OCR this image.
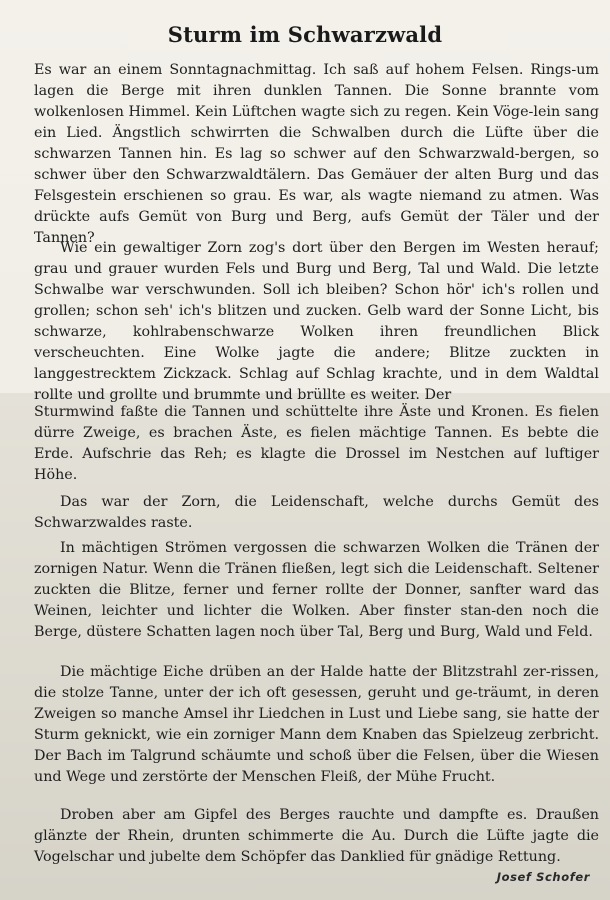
Sturm im Schwarzwald

Es war an einem Sonntagnachmittag. Ich saß auf hohem Felsen. Rings-um lagen die Berge mit ihren dunklen Tannen. Die Sonne brannte vom wolkenlosen Himmel. Kein Lüftchen wagte sich zu regen. Kein Vöge-lein sang ein Lied. Ängstlich schwirrten die Schwalben durch die Lüfte über die schwarzen Tannen hin. Es lag so schwer auf den Schwarzwald-bergen, so schwer über den Schwarzwaldtälern. Das Gemäuer der alten Burg und das Felsgestein erschienen so grau. Es war, als wagte niemand zu atmen. Was drückte aufs Gemüt von Burg und Berg, aufs Gemüt der Täler und der Tannen?

Wie ein gewaltiger Zorn zog's dort über den Bergen im Westen herauf; grau und grauer wurden Fels und Burg und Berg, Tal und Wald. Die letzte Schwalbe war verschwunden. Soll ich bleiben? Schon hör' ich's rollen und grollen; schon seh' ich's blitzen und zucken. Gelb ward der Sonne Licht, bis schwarze, kohlrabenschwarze Wolken ihren freundlichen Blick verscheuchten. Eine Wolke jagte die andere; Blitze zuckten in langgestrecktem Zickzack. Schlag auf Schlag krachte, und in dem Waldtal rollte und grollte und brummte und brüllte es weiter. Der

Sturmwind faßte die Tannen und schüttelte ihre Äste und Kronen. Es fielen dürre Zweige, es brachen Äste, es fielen mächtige Tannen. Es bebte die Erde. Aufschrie das Reh; es klagte die Drossel im Nestchen auf luftiger Höhe.

Das war der Zorn, die Leidenschaft, welche durchs Gemüt des Schwarzwaldes raste.

In mächtigen Strömen vergossen die schwarzen Wolken die Tränen der zornigen Natur. Wenn die Tränen fließen, legt sich die Leidenschaft. Seltener zuckten die Blitze, ferner und ferner rollte der Donner, sanfter ward das Weinen, leichter und lichter die Wolken. Aber finster stan-den noch die Berge, düstere Schatten lagen noch über Tal, Berg und Burg, Wald und Feld.

Die mächtige Eiche drüben an der Halde hatte der Blitzstrahl zer-rissen, die stolze Tanne, unter der ich oft gesessen, geruht und ge-träumt, in deren Zweigen so manche Amsel ihr Liedchen in Lust und Liebe sang, sie hatte der Sturm geknickt, wie ein zorniger Mann dem Knaben das Spielzeug zerbricht. Der Bach im Talgrund schäumte und schoß über die Felsen, über die Wiesen und Wege und zerstörte der Menschen Fleiß, der Mühe Frucht.

Droben aber am Gipfel des Berges rauchte und dampfte es. Draußen glänzte der Rhein, drunten schimmerte die Au. Durch die Lüfte jagte die Vogelschar und jubelte dem Schöpfer das Danklied für gnädige Rettung.

Josef Schofer
